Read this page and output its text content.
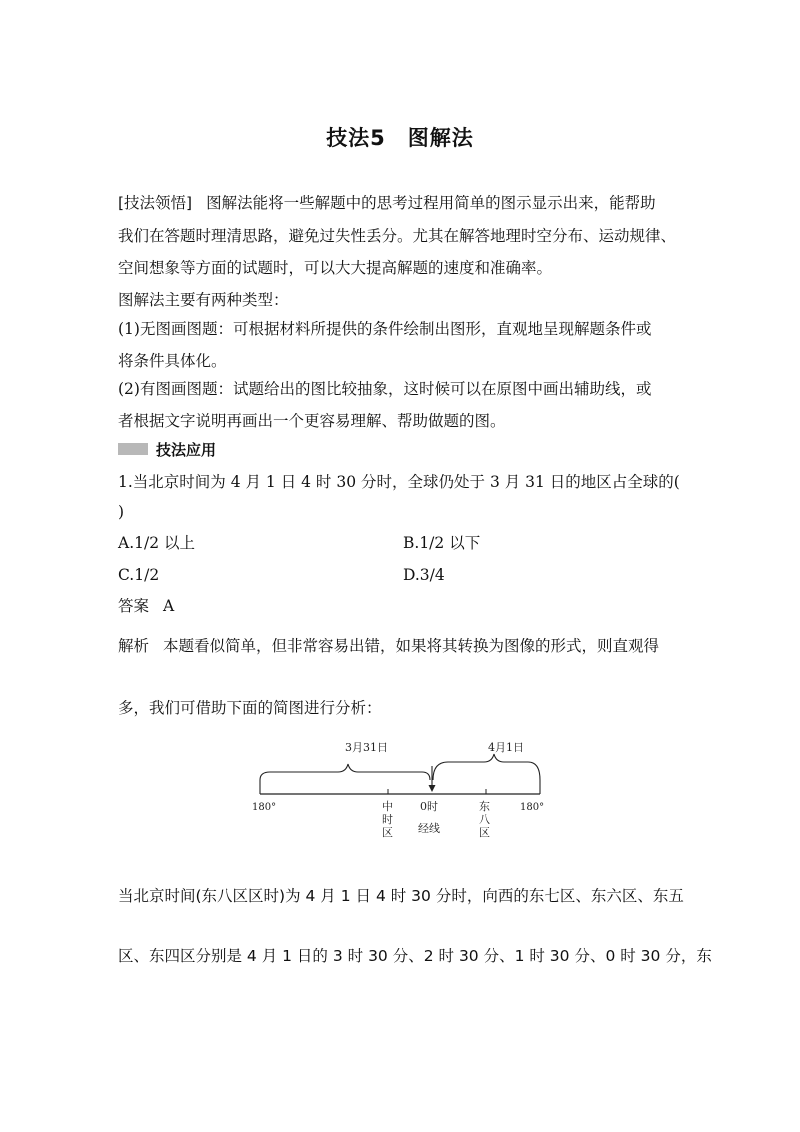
技法5　图解法
[技法领悟] 图解法能将一些解题中的思考过程用简单的图示显示出来，能帮助
我们在答题时理清思路，避免过失性丢分。尤其在解答地理时空分布、运动规律、
空间想象等方面的试题时，可以大大提高解题的速度和准确率。
图解法主要有两种类型：
(1)无图画图题：可根据材料所提供的条件绘制出图形，直观地呈现解题条件或
将条件具体化。
(2)有图画图题：试题给出的图比较抽象，这时候可以在原图中画出辅助线，或
者根据文字说明再画出一个更容易理解、帮助做题的图。
技法应用
1.当北京时间为 4 月 1 日 4 时 30 分时，全球仍处于 3 月 31 日的地区占全球的(
)
A.1/2 以上	B.1/2 以下
C.1/2	D.3/4
答案 A
解析 本题看似简单，但非常容易出错，如果将其转换为图像的形式，则直观得
多，我们可借助下面的简图进行分析：
3月31日	4月1日
180°	180°
中
时
区
0时
经线
东
八
区
当北京时间(东八区区时)为 4 月 1 日 4 时 30 分时，向西的东七区、东六区、东五
区、东四区分别是 4 月 1 日的 3 时 30 分、2 时 30 分、1 时 30 分、0 时 30 分，东
